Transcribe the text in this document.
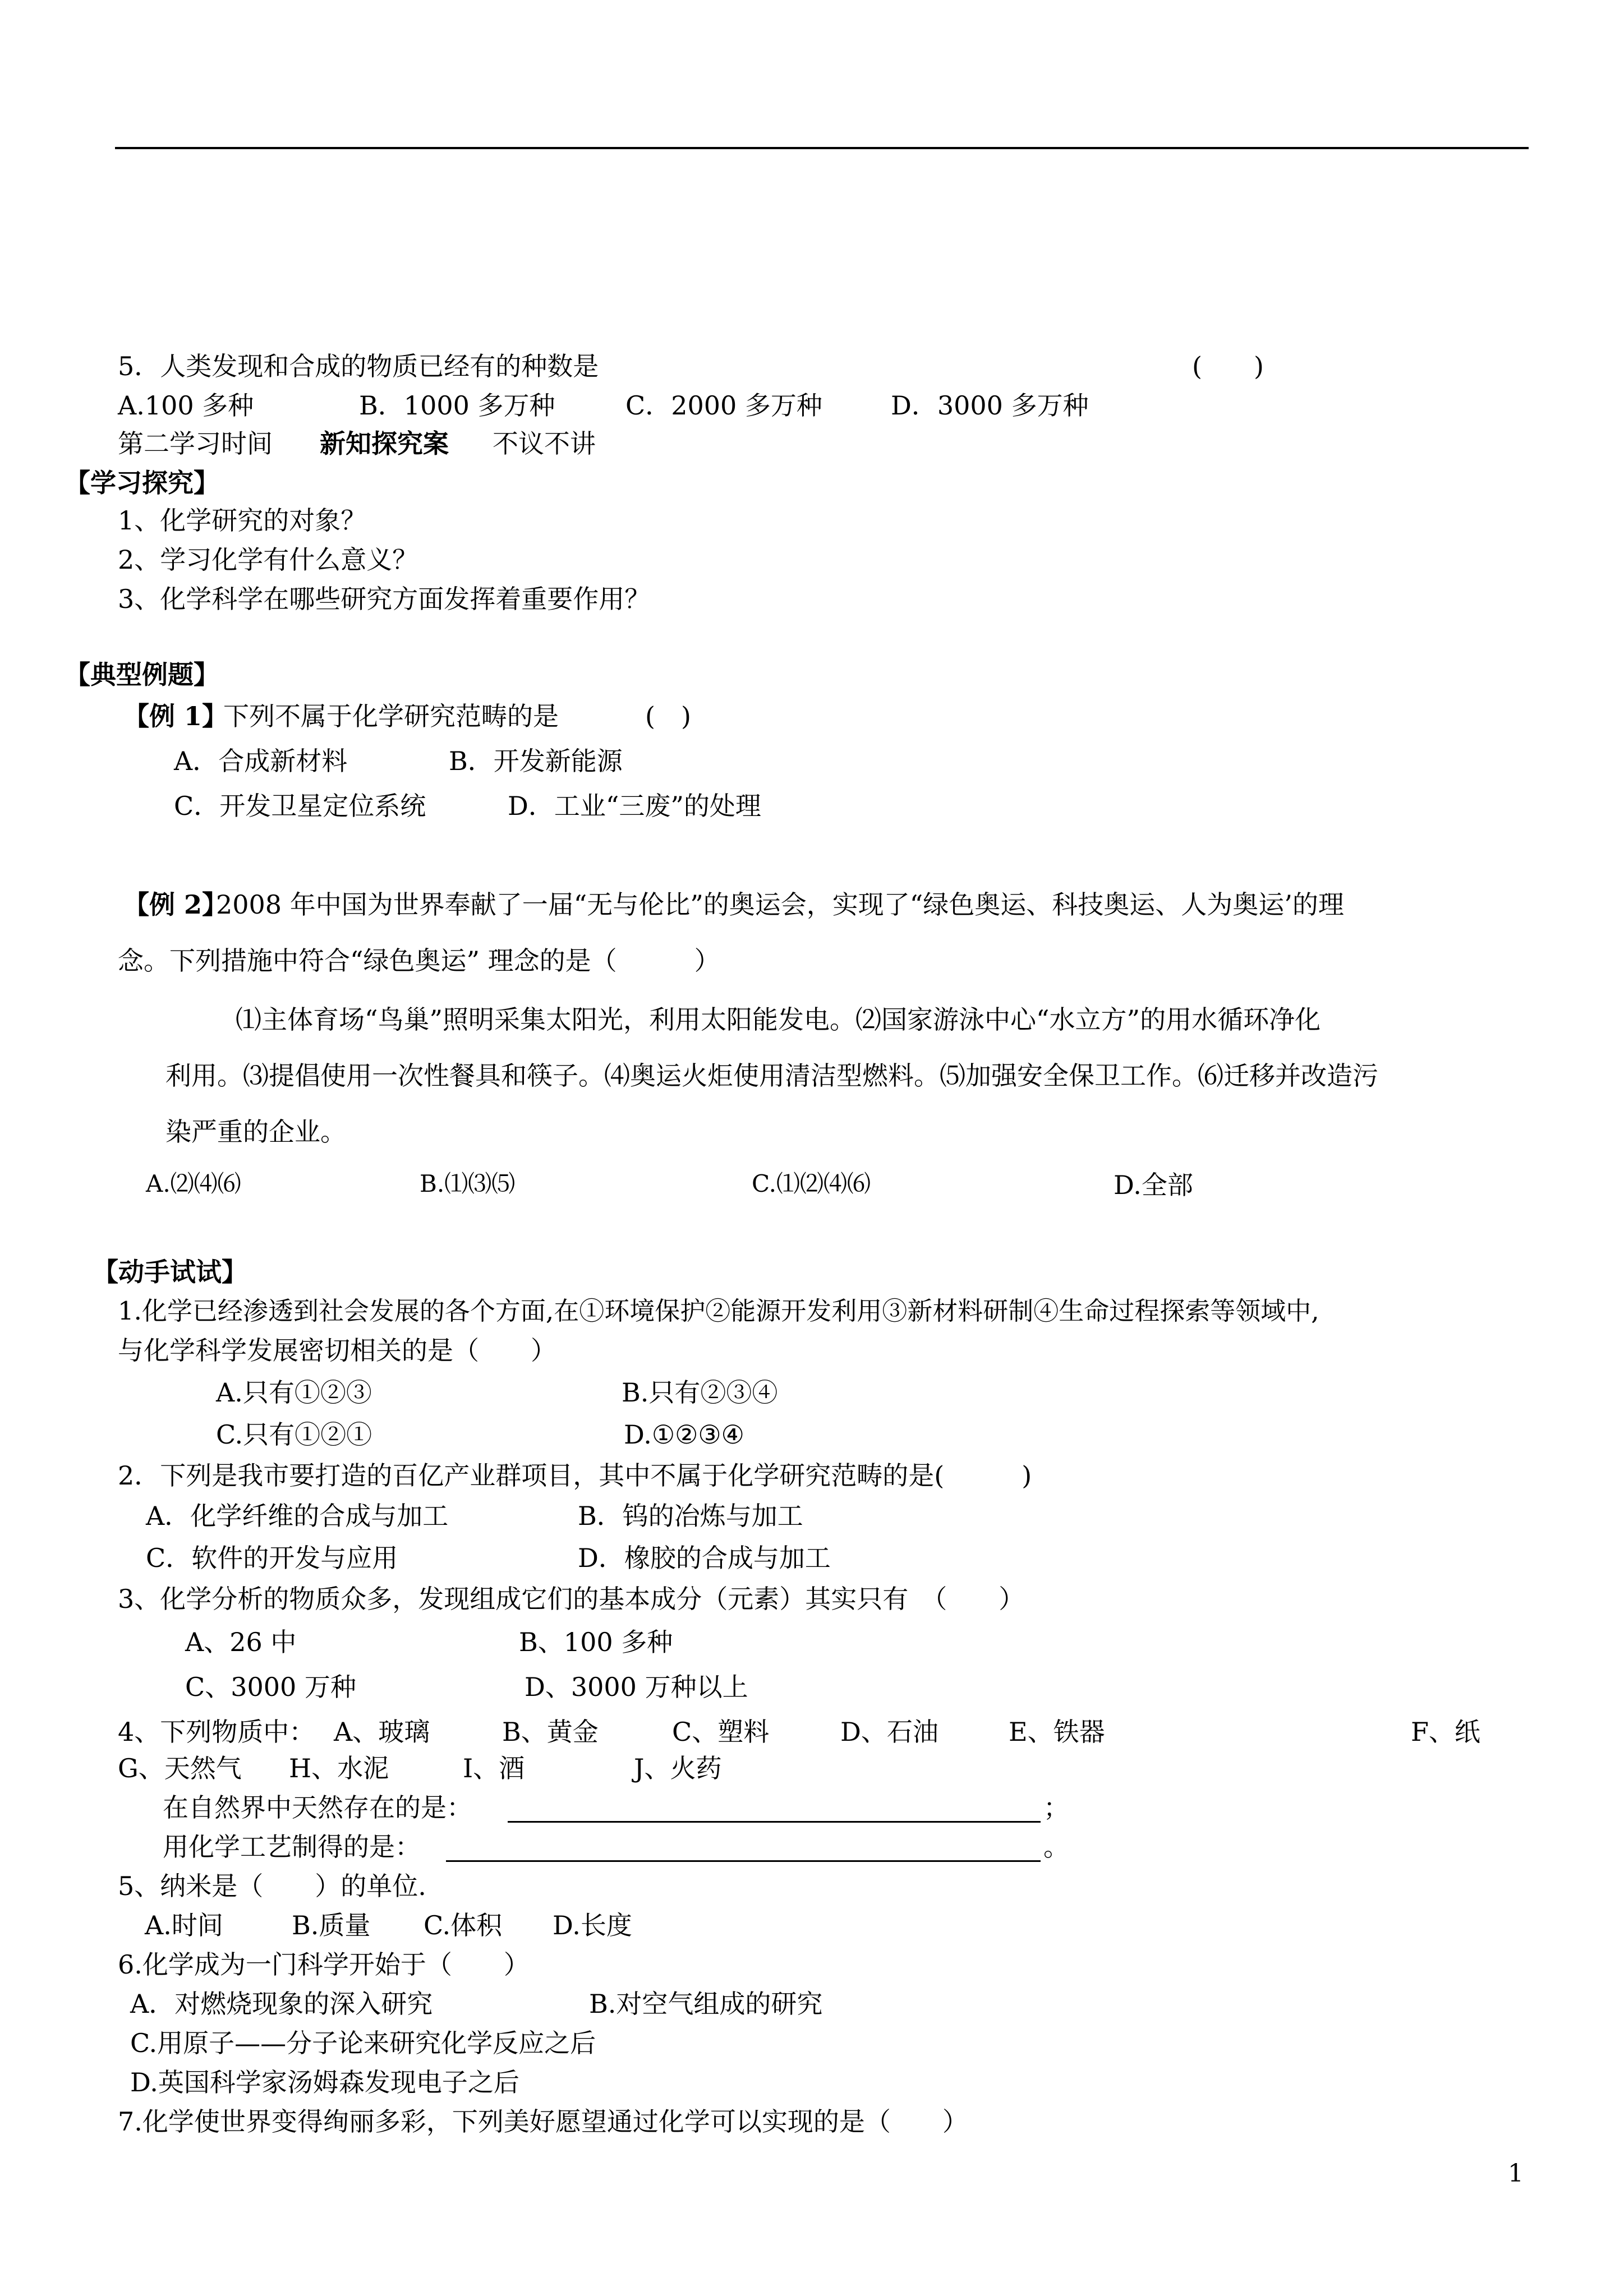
5．人类发现和合成的物质已经有的种数是	(　　)
A.100 多种	B．1000 多万种	C．2000 多万种	D．3000 多万种
第二学习时间 新知探究案 不议不讲
【学习探究】
1、化学研究的对象？
2、学习化学有什么意义？
3、化学科学在哪些研究方面发挥着重要作用？
【典型例题】
【例 1】
下列不属于化学研究范畴的是	(　)
A．合成新材料	B．开发新能源
C．开发卫星定位系统	D．工业“三废”的处理
【例 2】
2008 年中国为世界奉献了一届“无与伦比”的奥运会，实现了“绿色奥运、科技奥运、人为奥运’的理
念。下列措施中符合“绿色奥运” 理念的是（　　　）
⑴主体育场“鸟巢”照明采集太阳光，利用太阳能发电。⑵国家游泳中心“水立方”的用水循环净化
利用。⑶提倡使用一次性餐具和筷子。⑷奥运火炬使用清洁型燃料。⑸加强安全保卫工作。⑹迁移并改造污
染严重的企业。
A.⑵⑷⑹	B.⑴⑶⑸	C.⑴⑵⑷⑹	D.全部
【动手试试】
1.化学已经渗透到社会发展的各个方面,在①环境保护②能源开发利用③新材料研制④生命过程探索等领域中,
与化学科学发展密切相关的是（　　）
A.只有①②③	B.只有②③④
C.只有①②①	D.①②③④
2．下列是我市要打造的百亿产业群项目，其中不属于化学研究范畴的是(　　　)
A．化学纤维的合成与加工	B．钨的冶炼与加工
C．软件的开发与应用	D．橡胶的合成与加工
3、化学分析的物质众多，发现组成它们的基本成分（元素）其实只有　（　　）
A、26 中	B、100 多种
C、3000 万种	D、3000 万种以上
4、下列物质中： A、玻璃	B、黄金	C、塑料	D、石油	E、铁器	F、纸
G、天然气 H、水泥	I、酒	J、火药
在自然界中天然存在的是：	；
用化学工艺制得的是：	。
5、纳米是（　　）的单位.
A.时间	B.质量 C.体积 D.长度
6.化学成为一门科学开始于（　　）
A．对燃烧现象的深入研究	B.对空气组成的研究
C.用原子——分子论来研究化学反应之后
D.英国科学家汤姆森发现电子之后
7.化学使世界变得绚丽多彩，下列美好愿望通过化学可以实现的是（　　）
1
